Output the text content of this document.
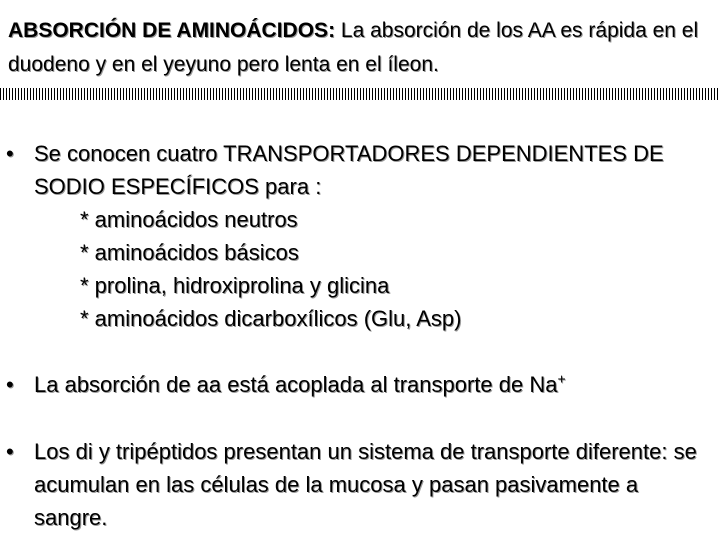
ABSORCIÓN DE AMINOÁCIDOS: La absorción de los AA es rápida en el duodeno y en el yeyuno pero lenta en el íleon.
• Se conocen cuatro TRANSPORTADORES DEPENDIENTES DE SODIO ESPECÍFICOS para :
* aminoácidos neutros
* aminoácidos básicos
* prolina, hidroxiprolina y glicina
* aminoácidos dicarboxílicos (Glu, Asp)
• La absorción de aa está acoplada al transporte de Na+
• Los di y tripéptidos presentan un sistema de transporte diferente: se acumulan en las células de la mucosa y pasan pasivamente a sangre.
